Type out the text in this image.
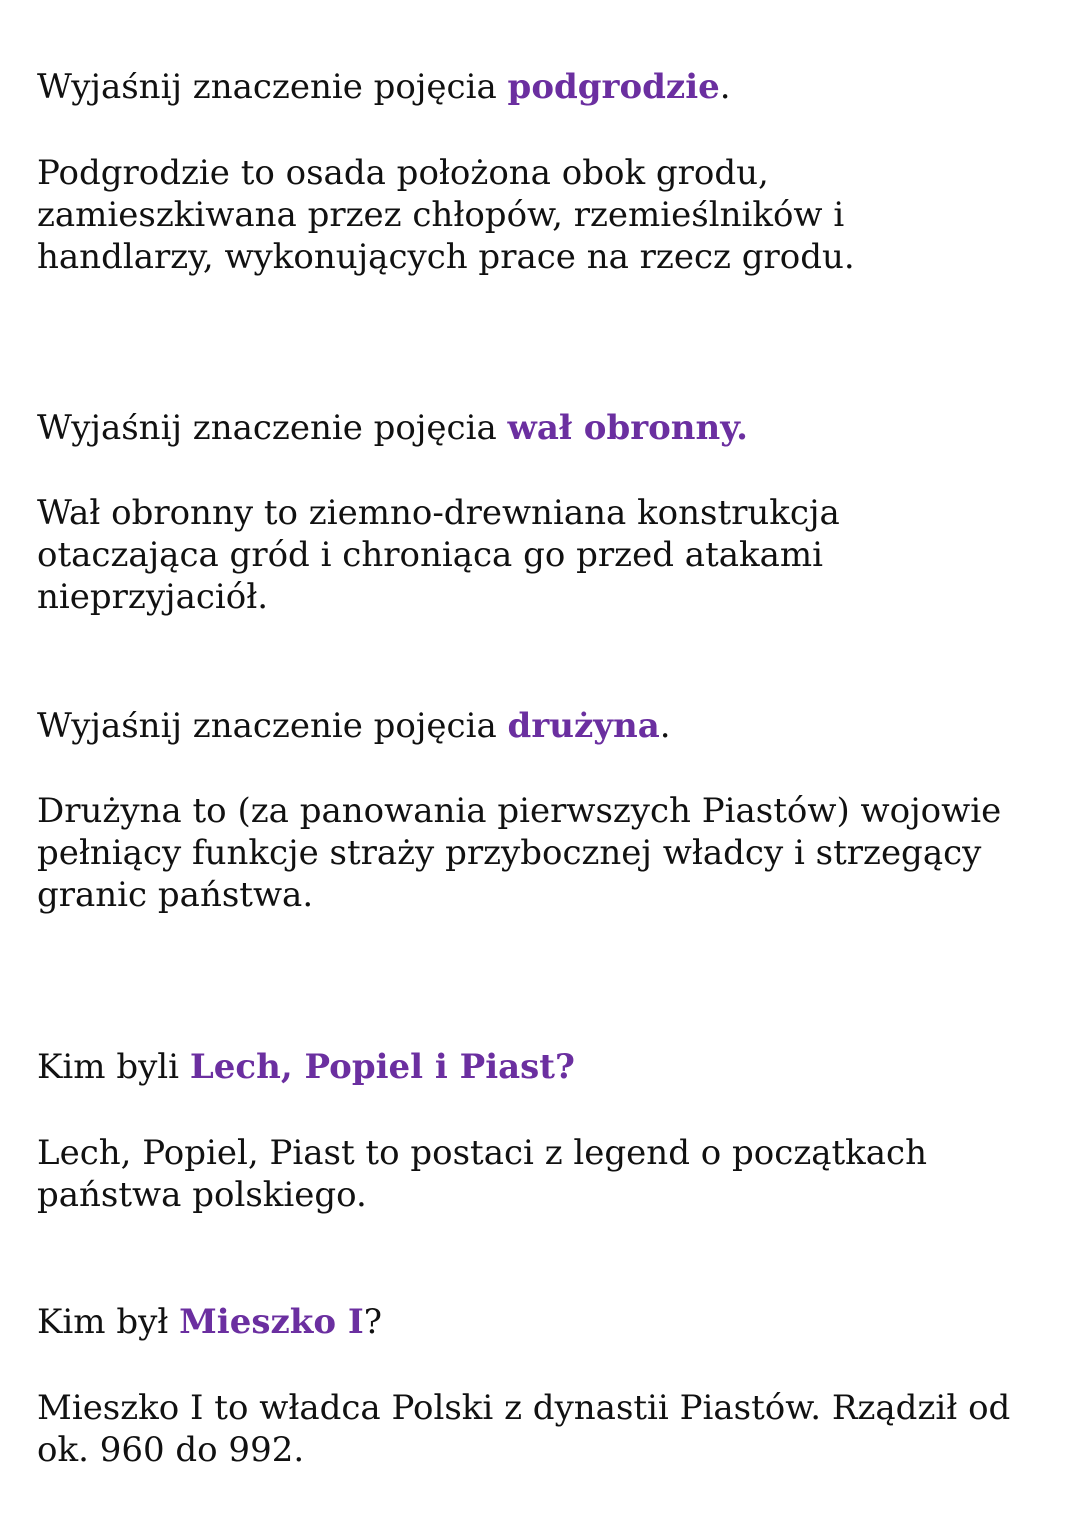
Wyjaśnij znaczenie pojęcia podgrodzie.

Podgrodzie to osada położona obok grodu,
zamieszkiwana przez chłopów, rzemieślników i
handlarzy, wykonujących prace na rzecz grodu.

Wyjaśnij znaczenie pojęcia wał obronny.

Wał obronny to ziemno-drewniana konstrukcja
otaczająca gród i chroniąca go przed atakami
nieprzyjaciół.

Wyjaśnij znaczenie pojęcia drużyna.

Drużyna to (za panowania pierwszych Piastów) wojowie
pełniący funkcje straży przybocznej władcy i strzegący
granic państwa.

Kim byli Lech, Popiel i Piast?

Lech, Popiel, Piast to postaci z legend o początkach
państwa polskiego.

Kim był Mieszko I?

Mieszko I to władca Polski z dynastii Piastów. Rządził od
ok. 960 do 992.
